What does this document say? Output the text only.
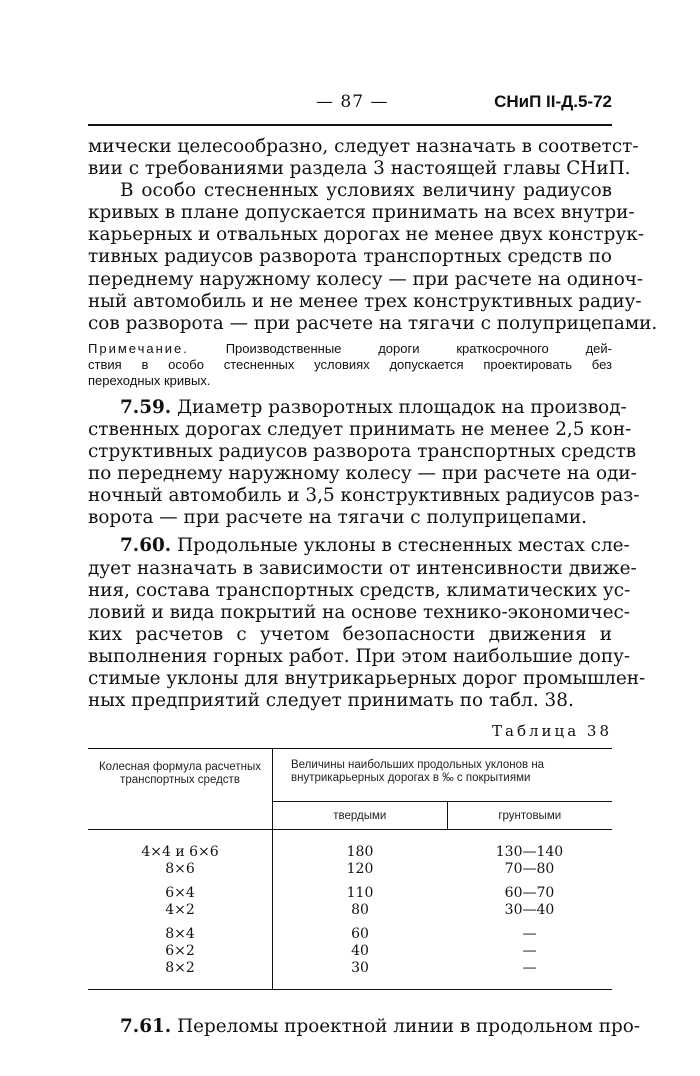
— 87 —	СНиП II-Д.5-72

мически целесообразно, следует назначать в соответст-
вии с требованиями раздела 3 настоящей главы СНиП.

В особо стесненных условиях величину радиусов
кривых в плане допускается принимать на всех внутри-
карьерных и отвальных дорогах не менее двух конструк-
тивных радиусов разворота транспортных средств по
переднему наружному колесу — при расчете на одиноч-
ный автомобиль и не менее трех конструктивных радиу-
сов разворота — при расчете на тягачи с полуприцепами.

Примечание.	Производственные дороги краткосрочного дей-
ствия в особо стесненных условиях допускается проектировать без
переходных кривых.

7.59. Диаметр разворотных площадок на производ-
ственных дорогах следует принимать не менее 2,5 кон-
структивных радиусов разворота транспортных средств
по переднему наружному колесу — при расчете на оди-
ночный автомобиль и 3,5 конструктивных радиусов раз-
ворота — при расчете на тягачи с полуприцепами.

7.60. Продольные уклоны в стесненных местах сле-
дует назначать в зависимости от интенсивности движе-
ния, состава транспортных средств, климатических ус-
ловий и вида покрытий на основе технико-экономичес-
ких расчетов с учетом безопасности движения и
выполнения горных работ. При этом наибольшие допу-
стимые уклоны для внутрикарьерных дорог промышлен-
ных предприятий следует принимать по табл. 38.

Таблица 38
Колесная формула расчетных транспортных средств	Величины наибольших продольных уклонов на внутрикарьерных дорогах в ‰ с покрытиями	
	твердыми	грунтовыми
4×4 и 6×6	180	130—140
8×6	120	70—80
6×4	110	60—70
4×2	80	30—40
8×4	60	—
6×2	40	—
8×2	30	—

7.61. Переломы проектной линии в продольном про-
